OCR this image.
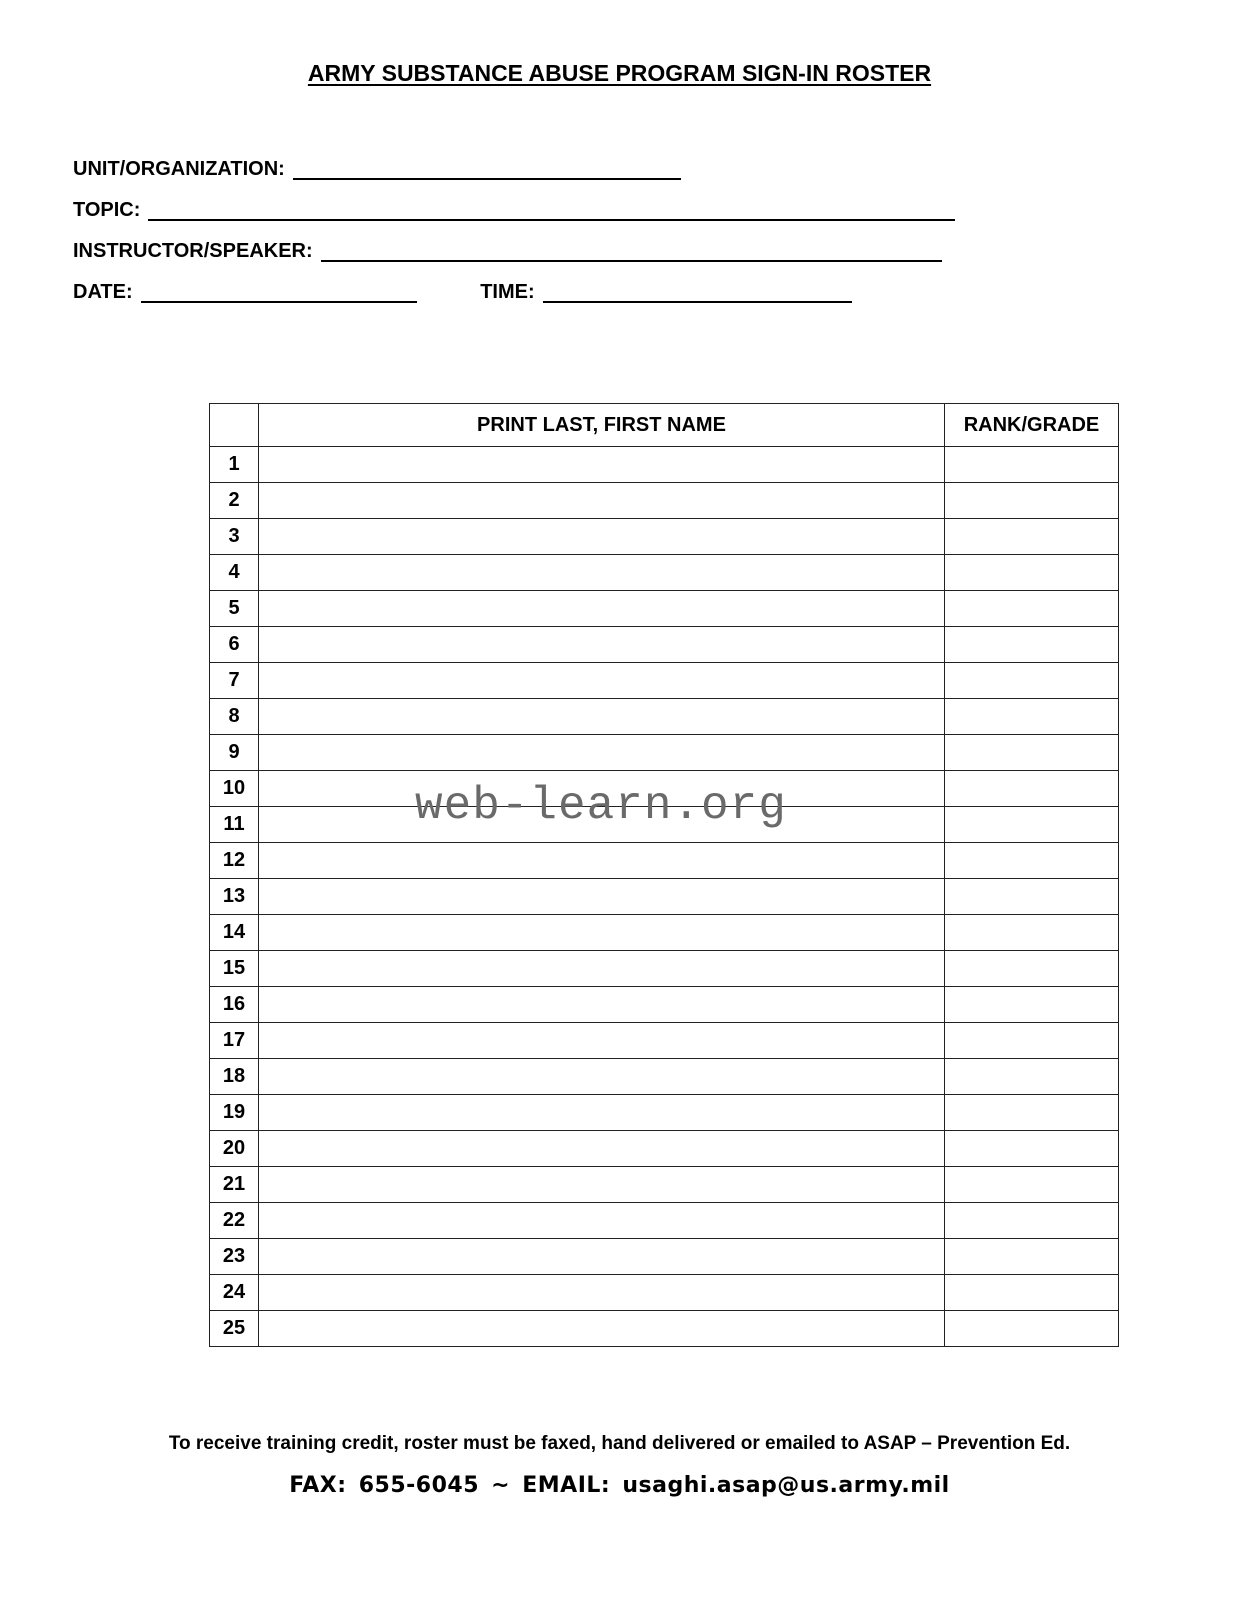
ARMY SUBSTANCE ABUSE PROGRAM SIGN-IN ROSTER
UNIT/ORGANIZATION:
TOPIC:
INSTRUCTOR/SPEAKER:
DATE:	TIME:
	PRINT LAST, FIRST NAME	RANK/GRADE
1		
2		
3		
4		
5		
6		
7		
8		
9		
10		
11		
12		
13		
14		
15		
16		
17		
18		
19		
20		
21		
22		
23		
24		
25		
web-learn.org
To receive training credit, roster must be faxed, hand delivered or emailed to ASAP – Prevention Ed.
FAX: 655-6045 ~ EMAIL: usaghi.asap@us.army.mil
